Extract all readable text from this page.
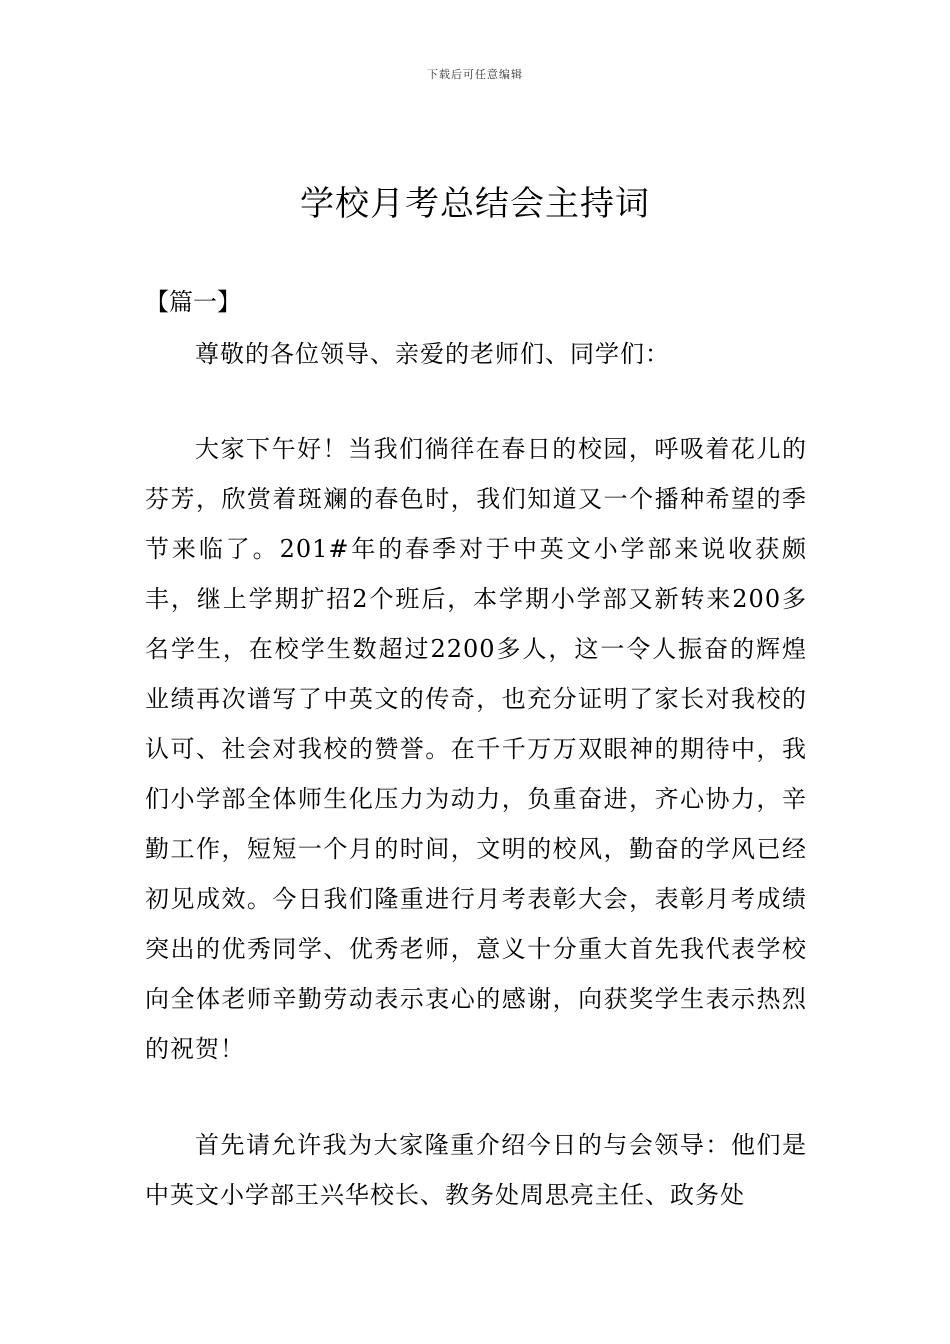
下载后可任意编辑
学校月考总结会主持词
【篇一】
尊敬的各位领导、亲爱的老师们、同学们：

大家下午好！当我们徜徉在春日的校园，呼吸着花儿的芬芳，欣赏着斑斓的春色时，我们知道又一个播种希望的季节来临了。201#年的春季对于中英文小学部来说收获颇丰，继上学期扩招2个班后，本学期小学部又新转来200多名学生，在校学生数超过2200多人，这一令人振奋的辉煌业绩再次谱写了中英文的传奇，也充分证明了家长对我校的认可、社会对我校的赞誉。在千千万万双眼神的期待中，我们小学部全体师生化压力为动力，负重奋进，齐心协力，辛勤工作，短短一个月的时间，文明的校风，勤奋的学风已经初见成效。今日我们隆重进行月考表彰大会，表彰月考成绩突出的优秀同学、优秀老师，意义十分重大首先我代表学校向全体老师辛勤劳动表示衷心的感谢，向获奖学生表示热烈的祝贺！

首先请允许我为大家隆重介绍今日的与会领导：他们是中英文小学部王兴华校长、教务处周思亮主任、政务处
